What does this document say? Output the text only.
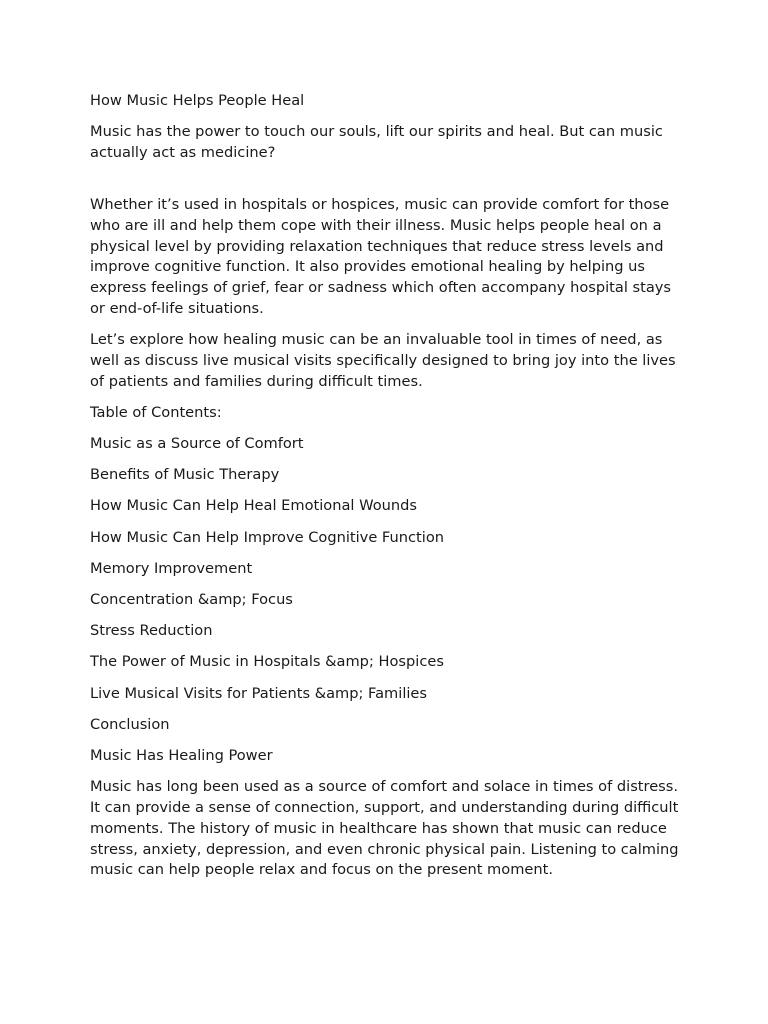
How Music Helps People Heal

Music has the power to touch our souls, lift our spirits and heal. But can music actually act as medicine?

Whether it’s used in hospitals or hospices, music can provide comfort for those who are ill and help them cope with their illness. Music helps people heal on a physical level by providing relaxation techniques that reduce stress levels and improve cognitive function. It also provides emotional healing by helping us express feelings of grief, fear or sadness which often accompany hospital stays or end-of-life situations.

Let’s explore how healing music can be an invaluable tool in times of need, as well as discuss live musical visits specifically designed to bring joy into the lives of patients and families during difficult times.

Table of Contents:

Music as a Source of Comfort

Benefits of Music Therapy

How Music Can Help Heal Emotional Wounds

How Music Can Help Improve Cognitive Function

Memory Improvement

Concentration &amp; Focus

Stress Reduction

The Power of Music in Hospitals &amp; Hospices

Live Musical Visits for Patients &amp; Families

Conclusion

Music Has Healing Power

Music has long been used as a source of comfort and solace in times of distress. It can provide a sense of connection, support, and understanding during difficult moments. The history of music in healthcare has shown that music can reduce stress, anxiety, depression, and even chronic physical pain. Listening to calming music can help people relax and focus on the present moment.
